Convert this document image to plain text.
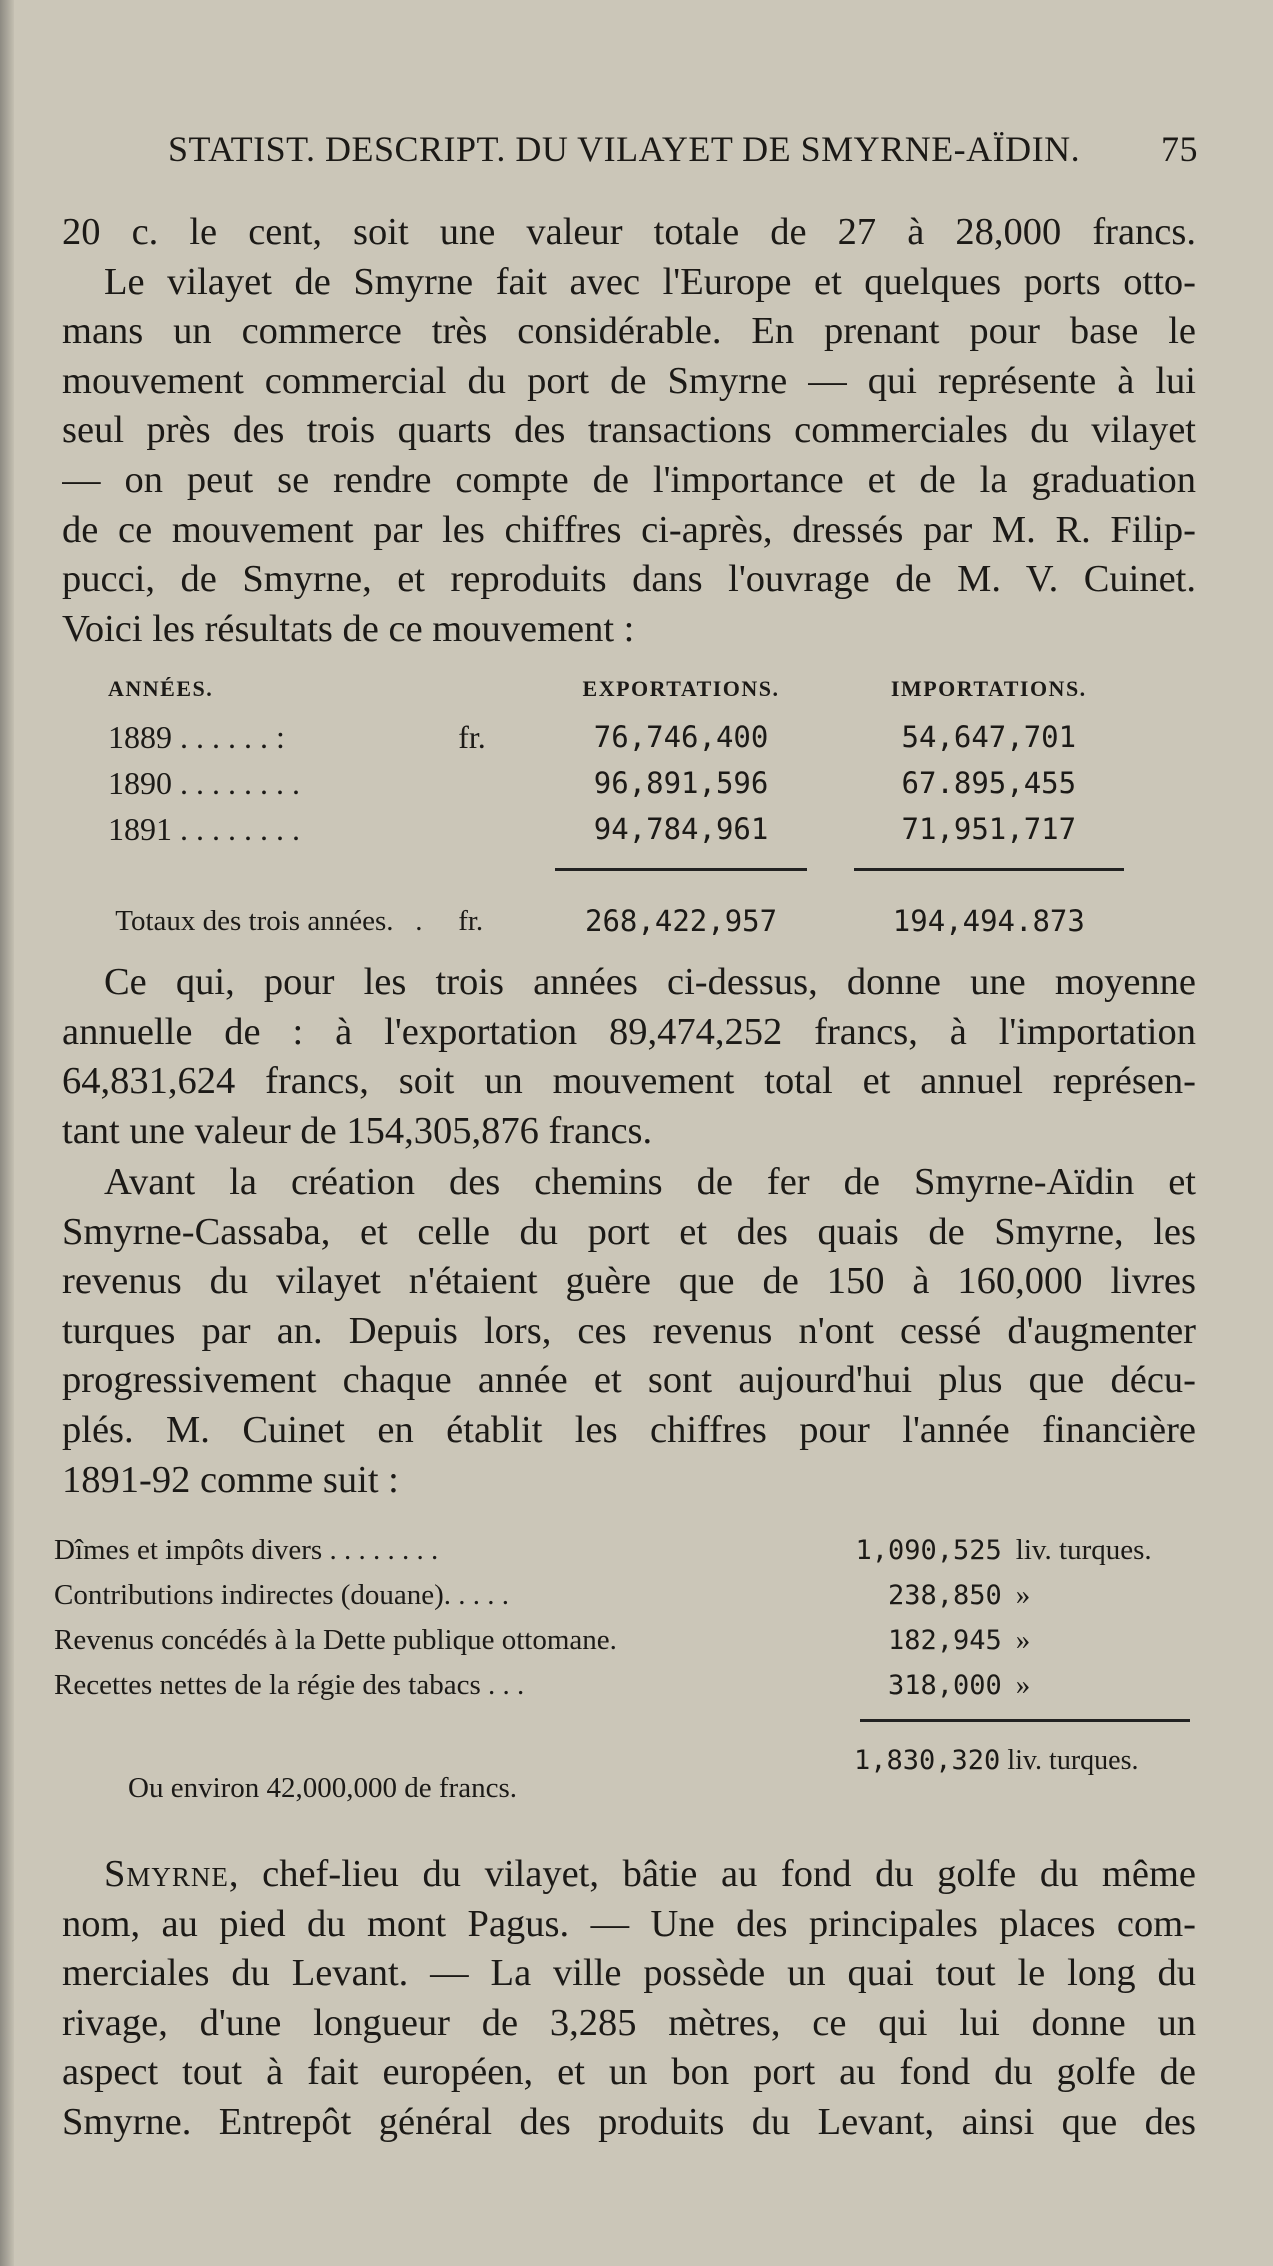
STATIST. DESCRIPT. DU VILAYET DE SMYRNE-AÏDIN. 75
20 c. le cent, soit une valeur totale de 27 à 28,000 francs.
Le vilayet de Smyrne fait avec l'Europe et quelques ports otto-
mans un commerce très considérable. En prenant pour base le
mouvement commercial du port de Smyrne — qui représente à lui
seul près des trois quarts des transactions commerciales du vilayet
— on peut se rendre compte de l'importance et de la graduation
de ce mouvement par les chiffres ci-après, dressés par M. R. Filip-
pucci, de Smyrne, et reproduits dans l'ouvrage de M. V. Cuinet.
Voici les résultats de ce mouvement :
ANNÉES.		EXPORTATIONS.	IMPORTATIONS.
1889 . . . . . . :	fr.	76,746,400	54,647,701
1890 . . . . . . . .		96,891,596	67.895,455
1891 . . . . . . . .		94,784,961	71,951,717

Totaux des trois années. .	fr.	268,422,957	194,494.873
Ce qui, pour les trois années ci-dessus, donne une moyenne
annuelle de : à l'exportation 89,474,252 francs, à l'importation
64,831,624 francs, soit un mouvement total et annuel représen-
tant une valeur de 154,305,876 francs.
Avant la création des chemins de fer de Smyrne-Aïdin et
Smyrne-Cassaba, et celle du port et des quais de Smyrne, les
revenus du vilayet n'étaient guère que de 150 à 160,000 livres
turques par an. Depuis lors, ces revenus n'ont cessé d'augmenter
progressivement chaque année et sont aujourd'hui plus que décu-
plés. M. Cuinet en établit les chiffres pour l'année financière
1891-92 comme suit :
Dîmes et impôts divers . . . . . . . .	1,090,525	liv. turques.
Contributions indirectes (douane). . . . .	238,850	»
Revenus concédés à la Dette publique ottomane.	182,945	»
Recettes nettes de la régie des tabacs . . .	318,000	»
1,830,320 liv. turques.
Ou environ 42,000,000 de francs.
Smyrne, chef-lieu du vilayet, bâtie au fond du golfe du même
nom, au pied du mont Pagus. — Une des principales places com-
merciales du Levant. — La ville possède un quai tout le long du
rivage, d'une longueur de 3,285 mètres, ce qui lui donne un
aspect tout à fait européen, et un bon port au fond du golfe de
Smyrne. Entrepôt général des produits du Levant, ainsi que des
